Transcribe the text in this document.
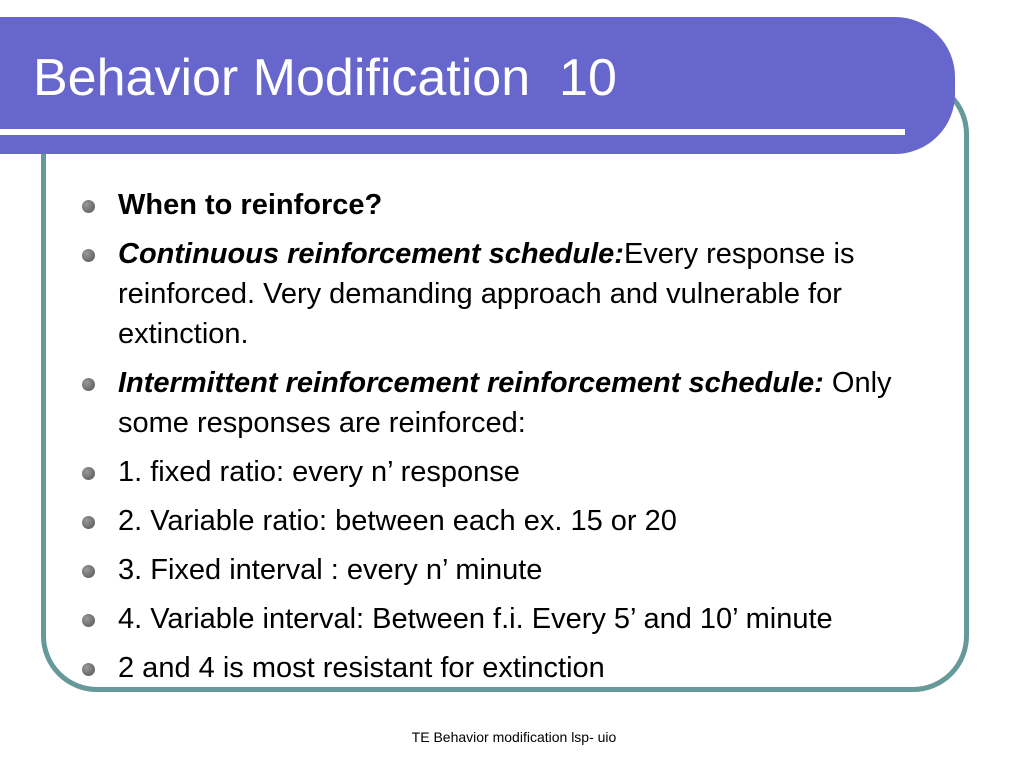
Behavior Modification  10
When to reinforce?
Continuous reinforcement schedule:Every response is reinforced. Very demanding approach and vulnerable for extinction.
Intermittent reinforcement reinforcement schedule: Only some responses are reinforced:
1. fixed ratio: every n’ response
2. Variable ratio: between each ex. 15 or 20
3. Fixed interval : every n’ minute
4. Variable interval: Between f.i. Every 5’ and 10’ minute
2 and 4 is most resistant for extinction
TE Behavior modification lsp- uio
